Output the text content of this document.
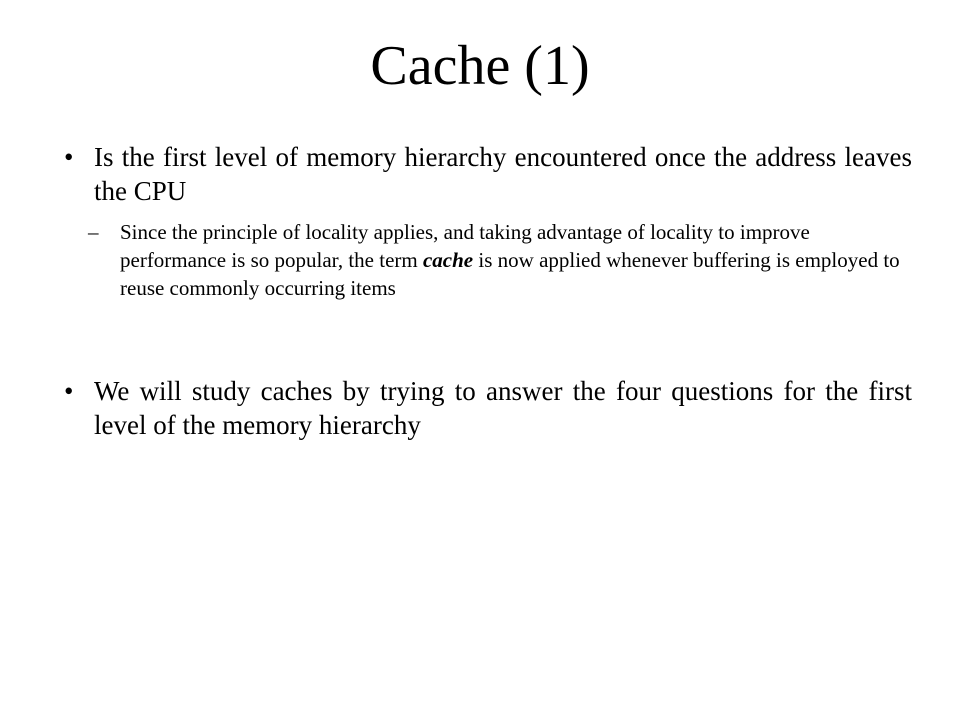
Cache (1)
• Is the first level of memory hierarchy encountered once the address leaves the CPU
– Since the principle of locality applies, and taking advantage of locality to improve performance is so popular, the term cache is now applied whenever buffering is employed to reuse commonly occurring items
• We will study caches by trying to answer the four questions for the first level of the memory hierarchy
